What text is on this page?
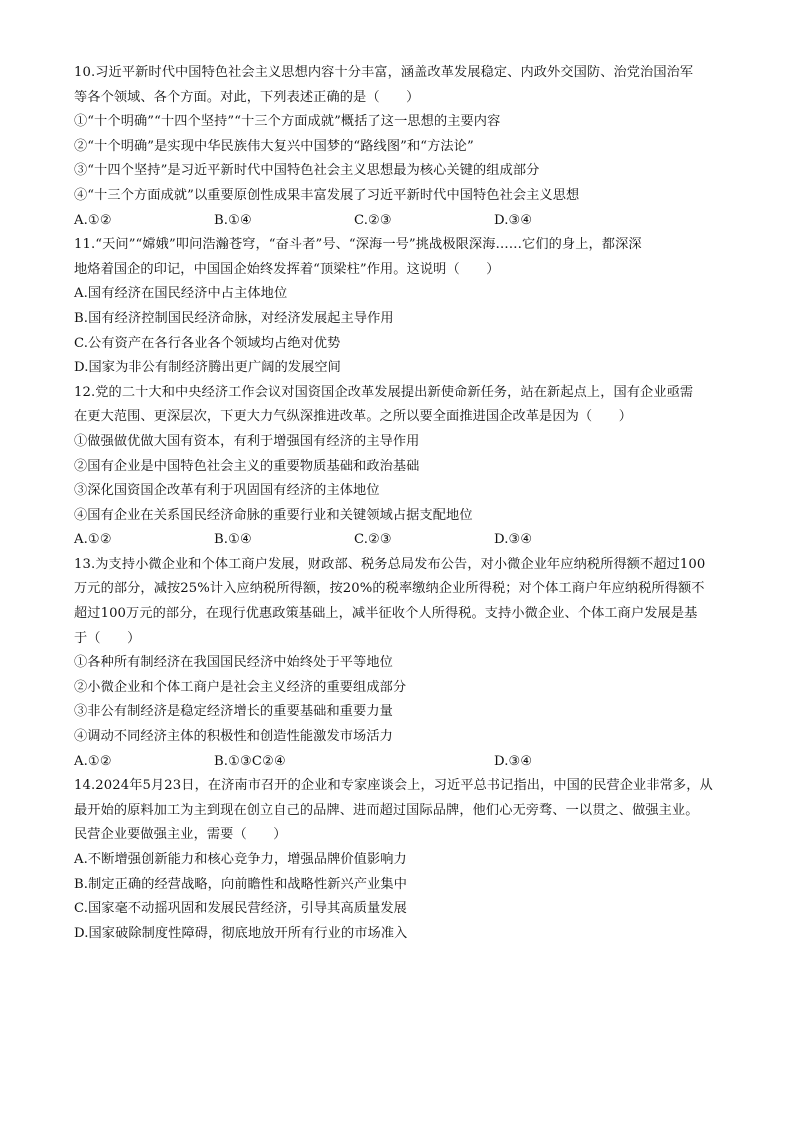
10.习近平新时代中国特色社会主义思想内容十分丰富，涵盖改革发展稳定、内政外交国防、治党治国治军
等各个领域、各个方面。对此，下列表述正确的是（　　）
①“十个明确”“十四个坚持”“十三个方面成就”概括了这一思想的主要内容
②“十个明确”是实现中华民族伟大复兴中国梦的“路线图”和“方法论”
③“十四个坚持”是习近平新时代中国特色社会主义思想最为核心关键的组成部分
④“十三个方面成就”以重要原创性成果丰富发展了习近平新时代中国特色社会主义思想
A.①②	B.①④	C.②③	D.③④
11.“天问”“嫦娥”叩问浩瀚苍穹，“奋斗者”号、“深海一号”挑战极限深海……它们的身上，都深深
地烙着国企的印记，中国国企始终发挥着“顶梁柱”作用。这说明（　　）
A.国有经济在国民经济中占主体地位
B.国有经济控制国民经济命脉，对经济发展起主导作用
C.公有资产在各行各业各个领域均占绝对优势
D.国家为非公有制经济腾出更广阔的发展空间
12.党的二十大和中央经济工作会议对国资国企改革发展提出新使命新任务，站在新起点上，国有企业亟需
在更大范围、更深层次，下更大力气纵深推进改革。之所以要全面推进国企改革是因为（　　）
①做强做优做大国有资本，有利于增强国有经济的主导作用
②国有企业是中国特色社会主义的重要物质基础和政治基础
③深化国资国企改革有利于巩固国有经济的主体地位
④国有企业在关系国民经济命脉的重要行业和关键领域占据支配地位
A.①②	B.①④	C.②③	D.③④
13.为支持小微企业和个体工商户发展，财政部、税务总局发布公告，对小微企业年应纳税所得额不超过100
万元的部分，减按25%计入应纳税所得额，按20%的税率缴纳企业所得税；对个体工商户年应纳税所得额不
超过100万元的部分，在现行优惠政策基础上，减半征收个人所得税。支持小微企业、个体工商户发展是基
于（　　）
①各种所有制经济在我国国民经济中始终处于平等地位
②小微企业和个体工商户是社会主义经济的重要组成部分
③非公有制经济是稳定经济增长的重要基础和重要力量
④调动不同经济主体的积极性和创造性能激发市场活力
A.①②	B.①③C②④	D.③④
14.2024年5月23日，在济南市召开的企业和专家座谈会上，习近平总书记指出，中国的民营企业非常多，从
最开始的原料加工为主到现在创立自己的品牌、进而超过国际品牌，他们心无旁骛、一以贯之、做强主业。
民营企业要做强主业，需要（　　）
A.不断增强创新能力和核心竞争力，增强品牌价值影响力
B.制定正确的经营战略，向前瞻性和战略性新兴产业集中
C.国家毫不动摇巩固和发展民营经济，引导其高质量发展
D.国家破除制度性障碍，彻底地放开所有行业的市场准入
